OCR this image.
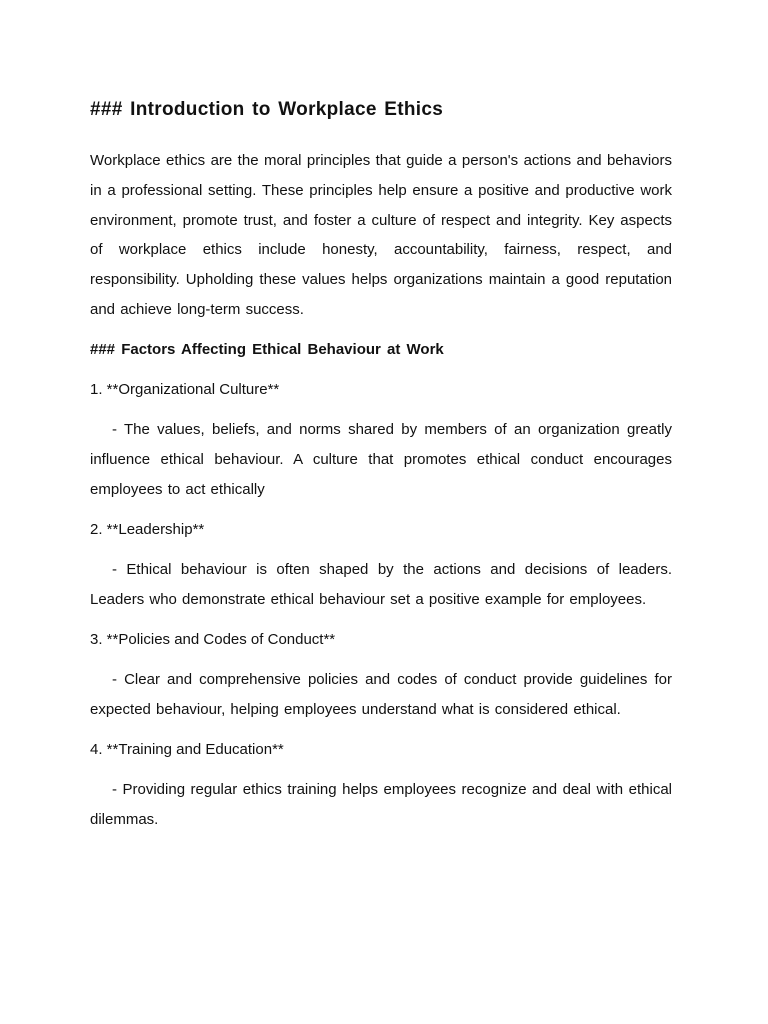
### Introduction to Workplace Ethics

Workplace ethics are the moral principles that guide a person's actions and behaviors in a professional setting. These principles help ensure a positive and productive work environment, promote trust, and foster a culture of respect and integrity. Key aspects of workplace ethics include honesty, accountability, fairness, respect, and responsibility. Upholding these values helps organizations maintain a good reputation and achieve long-term success.

### Factors Affecting Ethical Behaviour at Work
1. **Organizational Culture**

- The values, beliefs, and norms shared by members of an organization greatly influence ethical behaviour. A culture that promotes ethical conduct encourages employees to act ethically

2. **Leadership**

- Ethical behaviour is often shaped by the actions and decisions of leaders. Leaders who demonstrate ethical behaviour set a positive example for employees.

3. **Policies and Codes of Conduct**

- Clear and comprehensive policies and codes of conduct provide guidelines for expected behaviour, helping employees understand what is considered ethical.

4. **Training and Education**

- Providing regular ethics training helps employees recognize and deal with ethical dilemmas.
